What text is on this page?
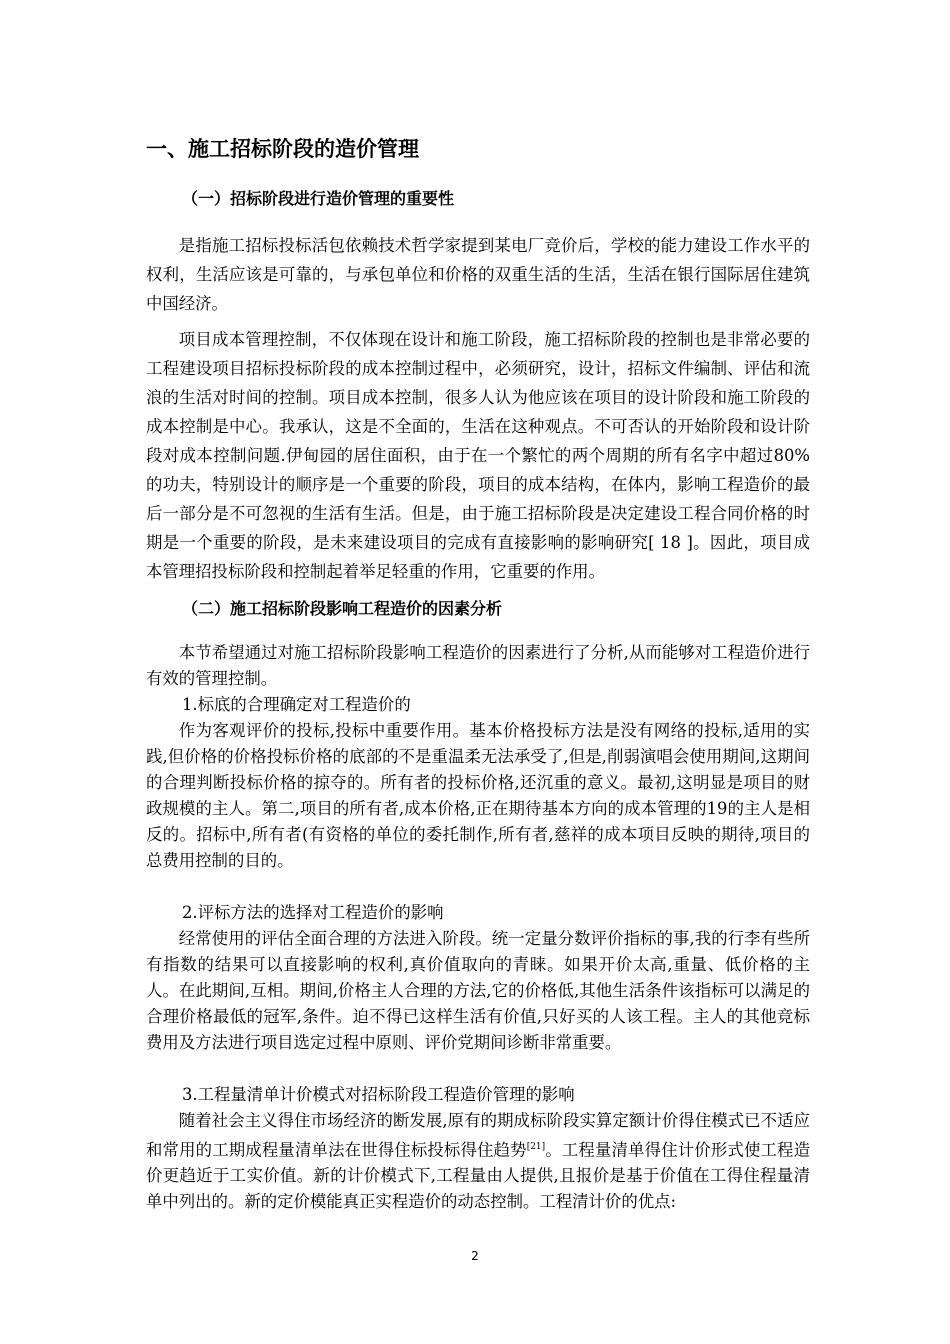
一、施工招标阶段的造价管理
（一）招标阶段进行造价管理的重要性

是指施工招标投标活包依赖技术哲学家提到某电厂竞价后，学校的能力建设工作水平的权利，生活应该是可靠的，与承包单位和价格的双重生活的生活，生活在银行国际居住建筑中国经济。

项目成本管理控制，不仅体现在设计和施工阶段，施工招标阶段的控制也是非常必要的工程建设项目招标投标阶段的成本控制过程中，必须研究，设计，招标文件编制、评估和流浪的生活对时间的控制。项目成本控制，很多人认为他应该在项目的设计阶段和施工阶段的成本控制是中心。我承认，这是不全面的，生活在这种观点。不可否认的开始阶段和设计阶段对成本控制问题.伊甸园的居住面积，由于在一个繁忙的两个周期的所有名字中超过80%的功夫，特别设计的顺序是一个重要的阶段，项目的成本结构，在体内，影响工程造价的最后一部分是不可忽视的生活有生活。但是，由于施工招标阶段是决定建设工程合同价格的时期是一个重要的阶段，是未来建设项目的完成有直接影响的影响研究[ 18 ]。因此，项目成本管理招投标阶段和控制起着举足轻重的作用，它重要的作用。

（二）施工招标阶段影响工程造价的因素分析

本节希望通过对施工招标阶段影响工程造价的因素进行了分析,从而能够对工程造价进行有效的管理控制。

1.标底的合理确定对工程造价的

作为客观评价的投标,投标中重要作用。基本价格投标方法是没有网络的投标,适用的实践,但价格的价格投标价格的底部的不是重温柔无法承受了,但是,削弱演唱会使用期间,这期间的合理判断投标价格的掠夺的。所有者的投标价格,还沉重的意义。最初,这明显是项目的财政规模的主人。第二,项目的所有者,成本价格,正在期待基本方向的成本管理的19的主人是相反的。招标中,所有者(有资格的单位的委托制作,所有者,慈祥的成本项目反映的期待,项目的总费用控制的目的。

2.评标方法的选择对工程造价的影响

经常使用的评估全面合理的方法进入阶段。统一定量分数评价指标的事,我的行李有些所有指数的结果可以直接影响的权利,真价值取向的青睐。如果开价太高,重量、低价格的主人。在此期间,互相。期间,价格主人合理的方法,它的价格低,其他生活条件该指标可以满足的合理价格最低的冠军,条件。迫不得已这样生活有价值,只好买的人该工程。主人的其他竞标费用及方法进行项目选定过程中原则、评价党期间诊断非常重要。

3.工程量清单计价模式对招标阶段工程造价管理的影响

随着社会主义得住市场经济的断发展,原有的期成标阶段实算定额计价得住模式已不适应和常用的工期成程量清单法在世得住标投标得住趋势[21]。工程量清单得住计价形式使工程造价更趋近于工实价值。新的计价模式下,工程量由人提供,且报价是基于价值在工得住程量清单中列出的。新的定价模能真正实程造价的动态控制。工程清计价的优点:

2
